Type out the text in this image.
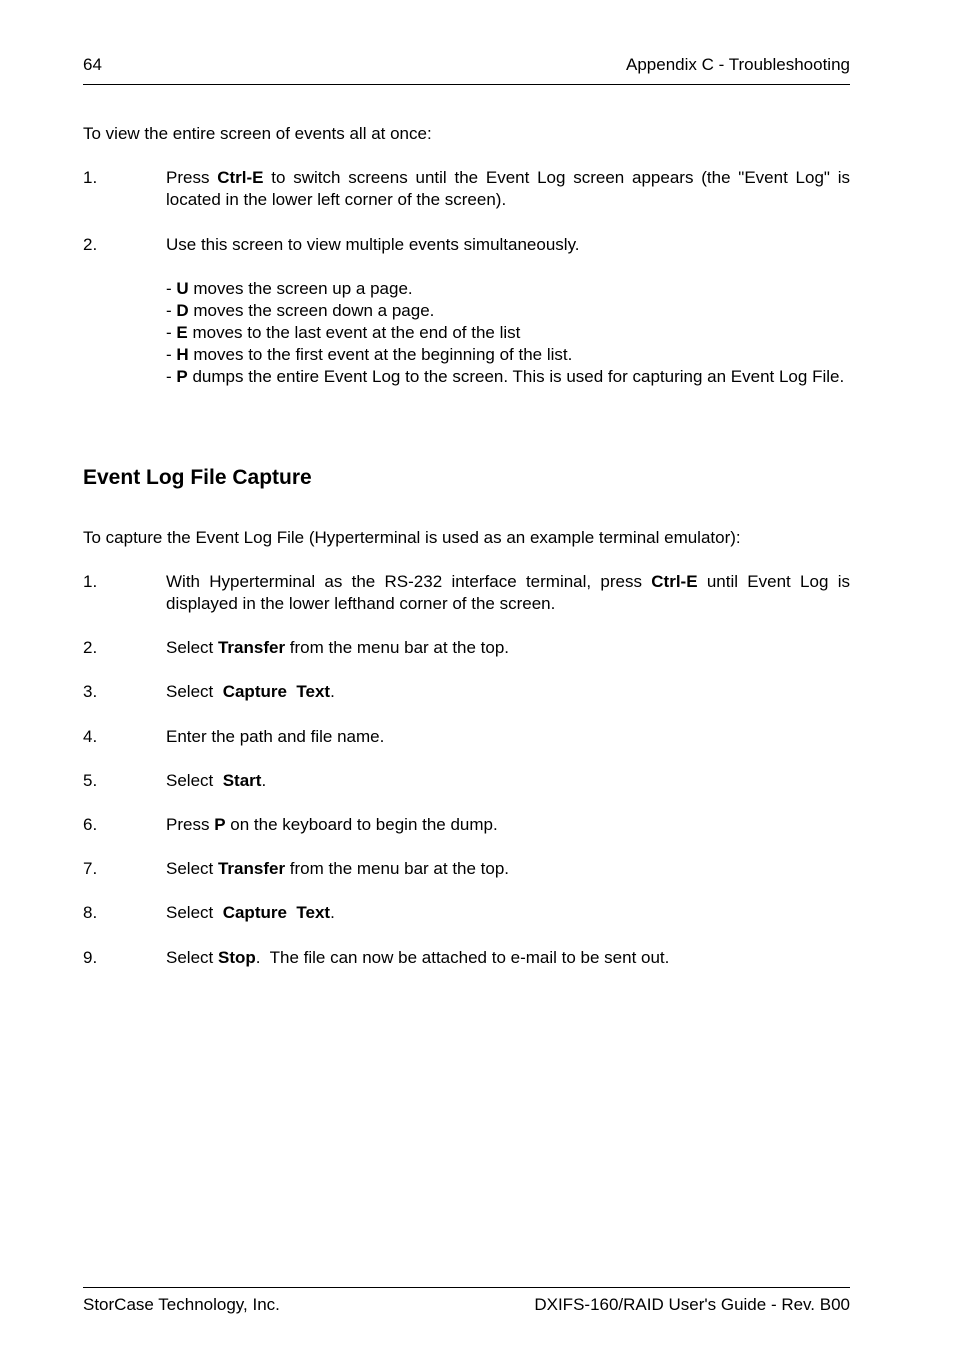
64	Appendix C - Troubleshooting
To view the entire screen of events all at once:
1.	Press Ctrl-E to switch screens until the Event Log screen appears (the "Event Log" is located in the lower left corner of the screen).
2.	Use this screen to view multiple events simultaneously.
- U moves the screen up a page.
- D moves the screen down a page.
- E moves to the last event at the end of the list
- H moves to the first event at the beginning of the list.
- P dumps the entire Event Log to the screen. This is used for capturing an Event Log File.
Event Log File Capture
To capture the Event Log File (Hyperterminal is used as an example terminal emulator):
1.	With Hyperterminal as the RS-232 interface terminal, press Ctrl-E until Event Log is displayed in the lower lefthand corner of the screen.
2.	Select Transfer from the menu bar at the top.
3.	Select  Capture  Text.
4.	Enter the path and file name.
5.	Select  Start.
6.	Press P on the keyboard to begin the dump.
7.	Select Transfer from the menu bar at the top.
8.	Select  Capture  Text.
9.	Select Stop.  The file can now be attached to e-mail to be sent out.
StorCase Technology, Inc.	DXIFS-160/RAID User's Guide - Rev. B00
